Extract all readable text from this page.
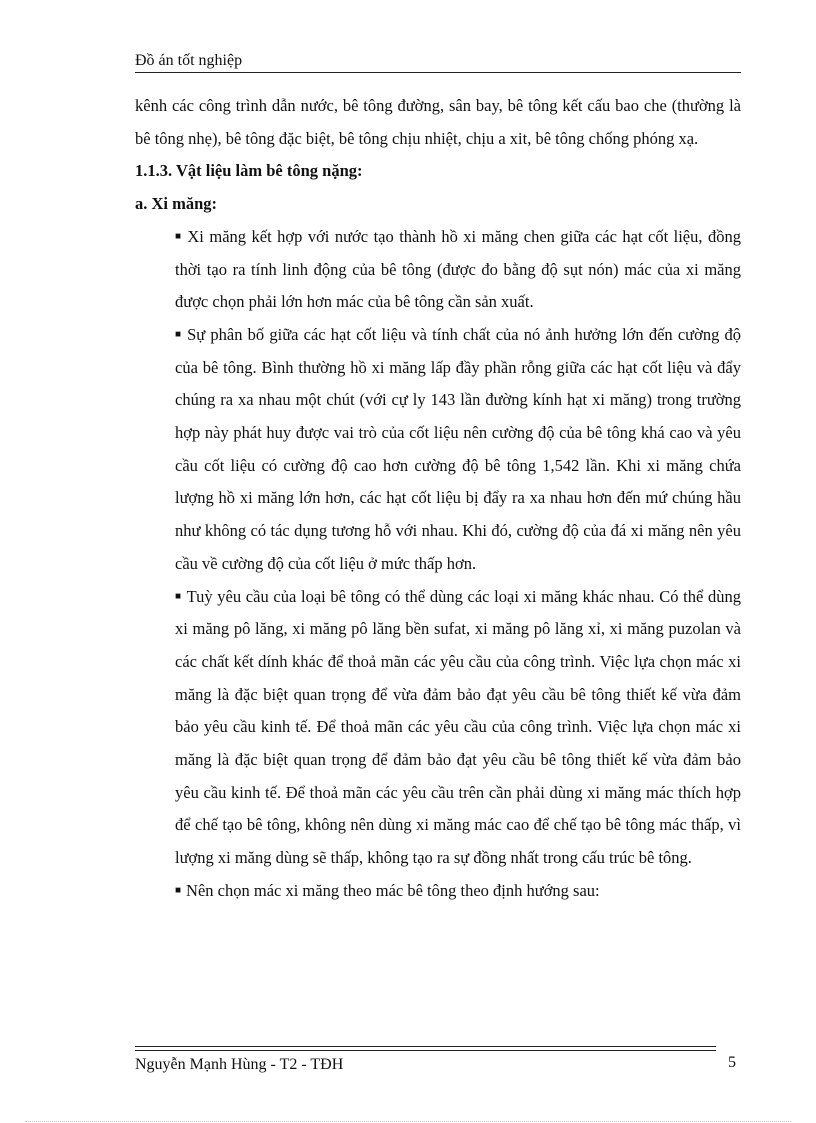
Đồ án tốt nghiệp

kênh các công trình dẫn nước, bê tông đường, sân bay, bê tông kết cấu bao che (thường là bê tông nhẹ), bê tông đặc biệt, bê tông chịu nhiệt, chịu a xit, bê tông chống phóng xạ.

1.1.3. Vật liệu làm bê tông nặng:

a. Xi măng:

■ Xi măng kết hợp với nước tạo thành hồ xi măng chen giữa các hạt cốt liệu, đồng thời tạo ra tính linh động của bê tông (được đo bằng độ sụt nón) mác của xi măng được chọn phải lớn hơn mác của bê tông cần sản xuất.

■ Sự phân bố giữa các hạt cốt liệu và tính chất của nó ảnh hưởng lớn đến cường độ của bê tông. Bình thường hồ xi măng lấp đầy phần rỗng giữa các hạt cốt liệu và đẩy chúng ra xa nhau một chút (với cự ly 143 lần đường kính hạt xi măng) trong trường hợp này phát huy được vai trò của cốt liệu nên cường độ của bê tông khá cao và yêu cầu cốt liệu có cường độ cao hơn cường độ bê tông 1,542 lần. Khi xi măng chứa lượng hồ xi măng lớn hơn, các hạt cốt liệu bị đẩy ra xa nhau hơn đến mứ chúng hầu như không có tác dụng tương hỗ với nhau. Khi đó, cường độ của đá xi măng nên yêu cầu về cường độ của cốt liệu ở mức thấp hơn.

■ Tuỳ yêu cầu của loại bê tông có thể dùng các loại xi măng khác nhau. Có thể dùng xi măng pô lăng, xi măng pô lăng bền sufat, xi măng pô lăng xỉ, xi măng puzolan và các chất kết dính khác để thoả mãn các yêu cầu của công trình. Việc lựa chọn mác xi măng là đặc biệt quan trọng để vừa đảm bảo đạt yêu cầu bê tông thiết kế vừa đảm bảo yêu cầu kinh tế. Để thoả mãn các yêu cầu của công trình. Việc lựa chọn mác xi măng là đặc biệt quan trọng để đảm bảo đạt yêu cầu bê tông thiết kế vừa đảm bảo yêu cầu kinh tế. Để thoả mãn các yêu cầu trên cần phải dùng xi măng mác thích hợp để chế tạo bê tông, không nên dùng xi măng mác cao để chế tạo bê tông mác thấp, vì lượng xi măng dùng sẽ thấp, không tạo ra sự đồng nhất trong cấu trúc bê tông.

■ Nên chọn mác xi măng theo mác bê tông theo định hướng sau:

Nguyễn Mạnh Hùng - T2 - TĐH	5
